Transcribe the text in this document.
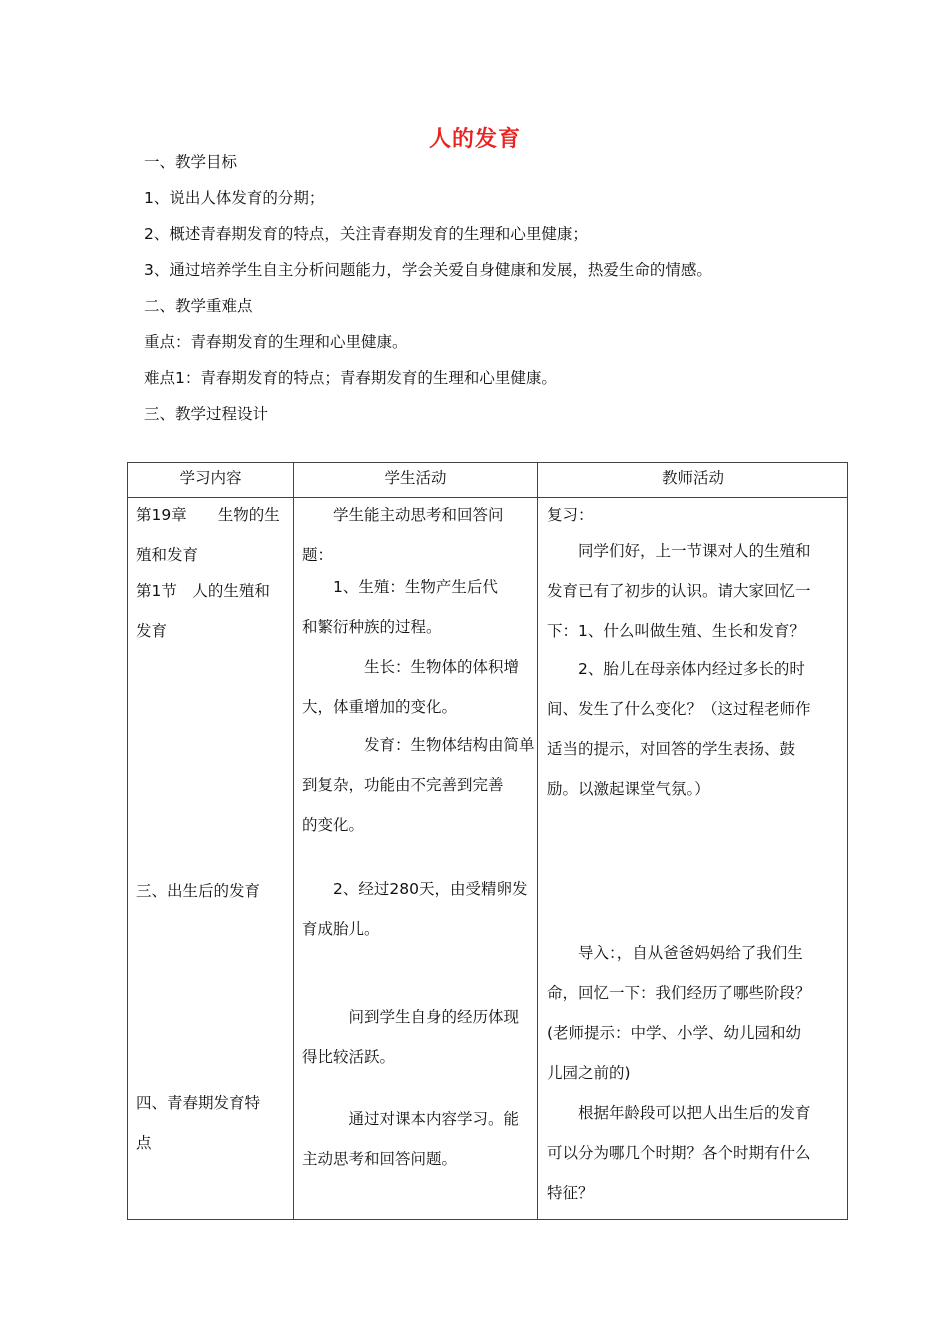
人的发育
一、教学目标
1、说出人体发育的分期；
2、概述青春期发育的特点，关注青春期发育的生理和心里健康；
3、通过培养学生自主分析问题能力，学会关爱自身健康和发展，热爱生命的情感。
二、教学重难点
重点：青春期发育的生理和心里健康。
难点1：青春期发育的特点；青春期发育的生理和心里健康。
三、教学过程设计
学习内容	学生活动	教师活动
第19章　　生物的生
殖和发育
第1节　人的生殖和
发育
三、出生后的发育
四、青春期发育特
点
　　学生能主动思考和回答问
题：
　　1、生殖：生物产生后代
和繁衍种族的过程。
　　　　生长：生物体的体积增
大，体重增加的变化。
　　　　发育：生物体结构由简单
到复杂，功能由不完善到完善
的变化。
　　2、经过280天，由受精卵发
育成胎儿。
　　　问到学生自身的经历体现
得比较活跃。
　　　通过对课本内容学习。能
主动思考和回答问题。
复习：
　　同学们好，上一节课对人的生殖和
发育已有了初步的认识。请大家回忆一
下：1、什么叫做生殖、生长和发育？
　　2、胎儿在母亲体内经过多长的时
间、发生了什么变化？（这过程老师作
适当的提示，对回答的学生表扬、鼓
励。以激起课堂气氛。）
　　导入：，自从爸爸妈妈给了我们生
命，回忆一下：我们经历了哪些阶段？
(老师提示：中学、小学、幼儿园和幼
儿园之前的)
　　根据年龄段可以把人出生后的发育
可以分为哪几个时期？各个时期有什么
特征？
